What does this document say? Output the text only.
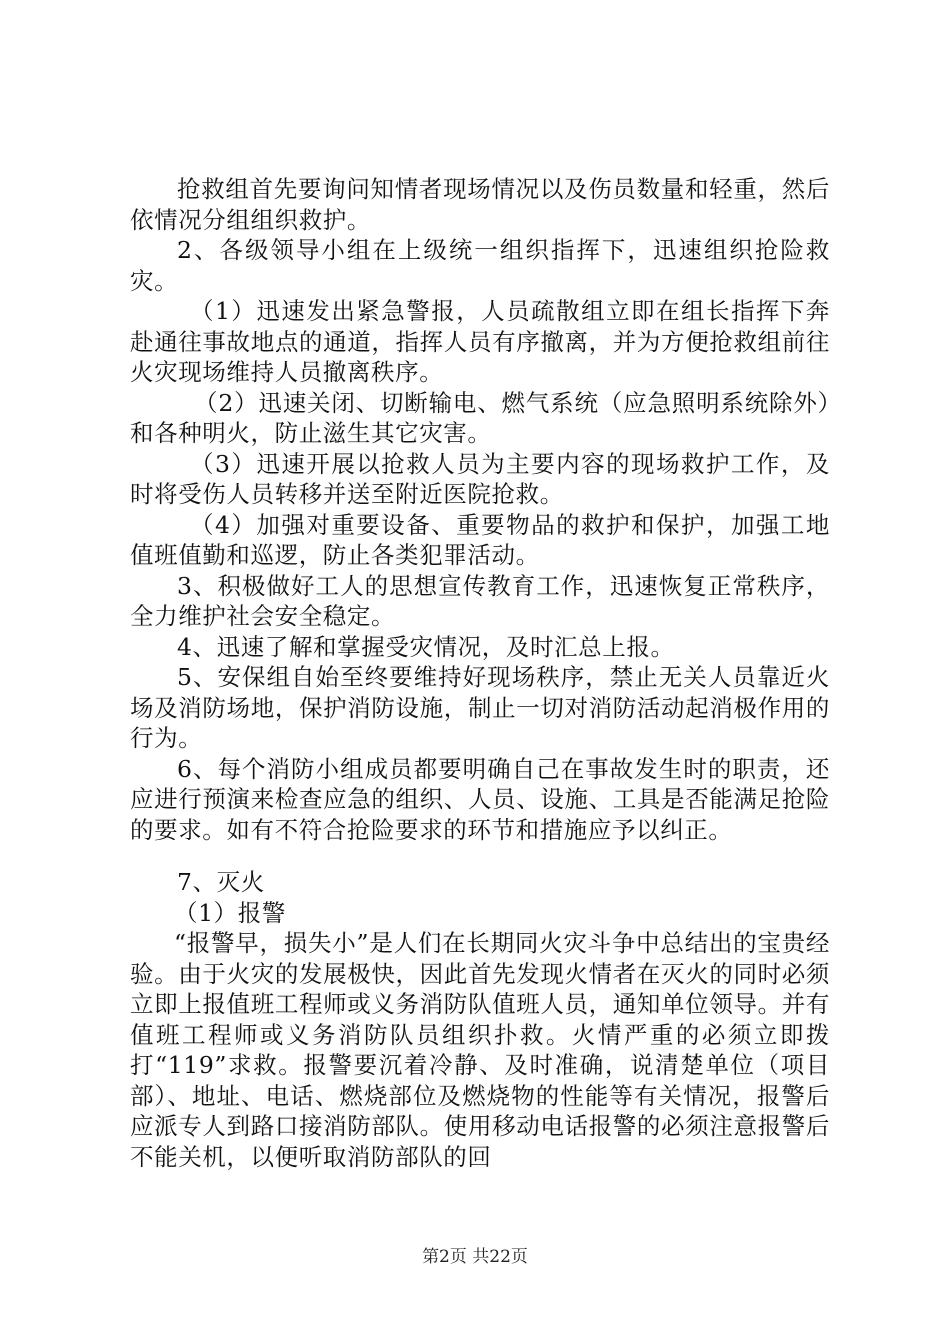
抢救组首先要询问知情者现场情况以及伤员数量和轻重，然后依情况分组组织救护。

2、各级领导小组在上级统一组织指挥下，迅速组织抢险救灾。

（1）迅速发出紧急警报，人员疏散组立即在组长指挥下奔赴通往事故地点的通道，指挥人员有序撤离，并为方便抢救组前往火灾现场维持人员撤离秩序。

（2）迅速关闭、切断输电、燃气系统（应急照明系统除外）和各种明火，防止滋生其它灾害。

（3）迅速开展以抢救人员为主要内容的现场救护工作，及时将受伤人员转移并送至附近医院抢救。

（4）加强对重要设备、重要物品的救护和保护，加强工地值班值勤和巡逻，防止各类犯罪活动。

3、积极做好工人的思想宣传教育工作，迅速恢复正常秩序，全力维护社会安全稳定。

4、迅速了解和掌握受灾情况，及时汇总上报。

5、安保组自始至终要维持好现场秩序，禁止无关人员靠近火场及消防场地，保护消防设施，制止一切对消防活动起消极作用的行为。

6、每个消防小组成员都要明确自己在事故发生时的职责，还应进行预演来检查应急的组织、人员、设施、工具是否能满足抢险的要求。如有不符合抢险要求的环节和措施应予以纠正。

7、灭火

（1）报警

“报警早，损失小”是人们在长期同火灾斗争中总结出的宝贵经验。由于火灾的发展极快，因此首先发现火情者在灭火的同时必须立即上报值班工程师或义务消防队值班人员，通知单位领导。并有值班工程师或义务消防队员组织扑救。火情严重的必须立即拨打“119”求救。报警要沉着冷静、及时准确，说清楚单位（项目部）、地址、电话、燃烧部位及燃烧物的性能等有关情况，报警后应派专人到路口接消防部队。使用移动电话报警的必须注意报警后不能关机，以便听取消防部队的回

第2页 共22页
